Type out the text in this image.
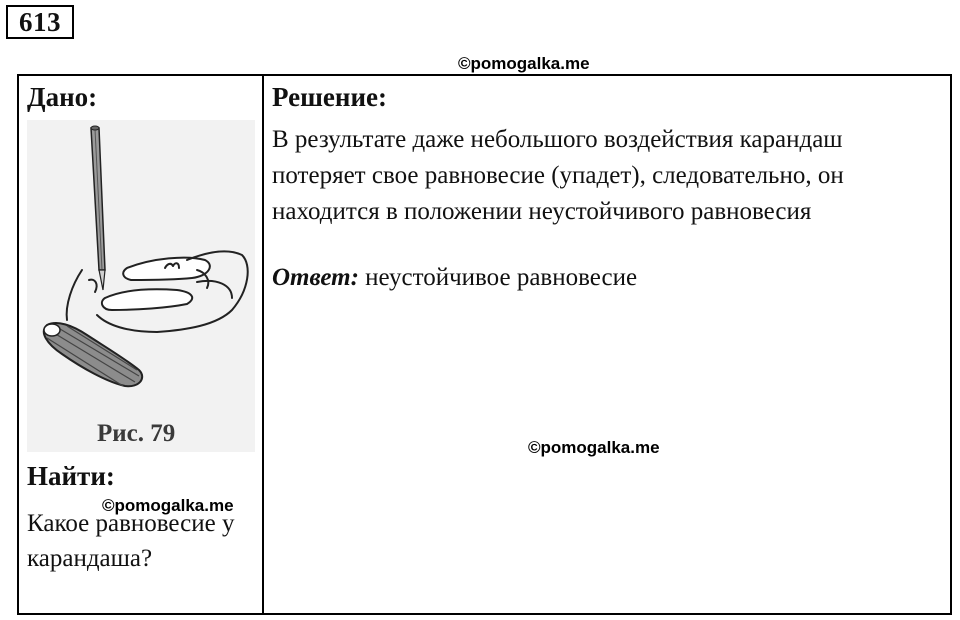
613
©pomogalka.me
Дано:
Рис. 79
Найти:
Какое равновесие у карандаша?
Решение:
В результате даже небольшого воздействия карандаш потеряет свое равновесие (упадет), следовательно, он находится в положении неустойчивого равновесия
Ответ: неустойчивое равновесие
©pomogalka.me
©pomogalka.me
